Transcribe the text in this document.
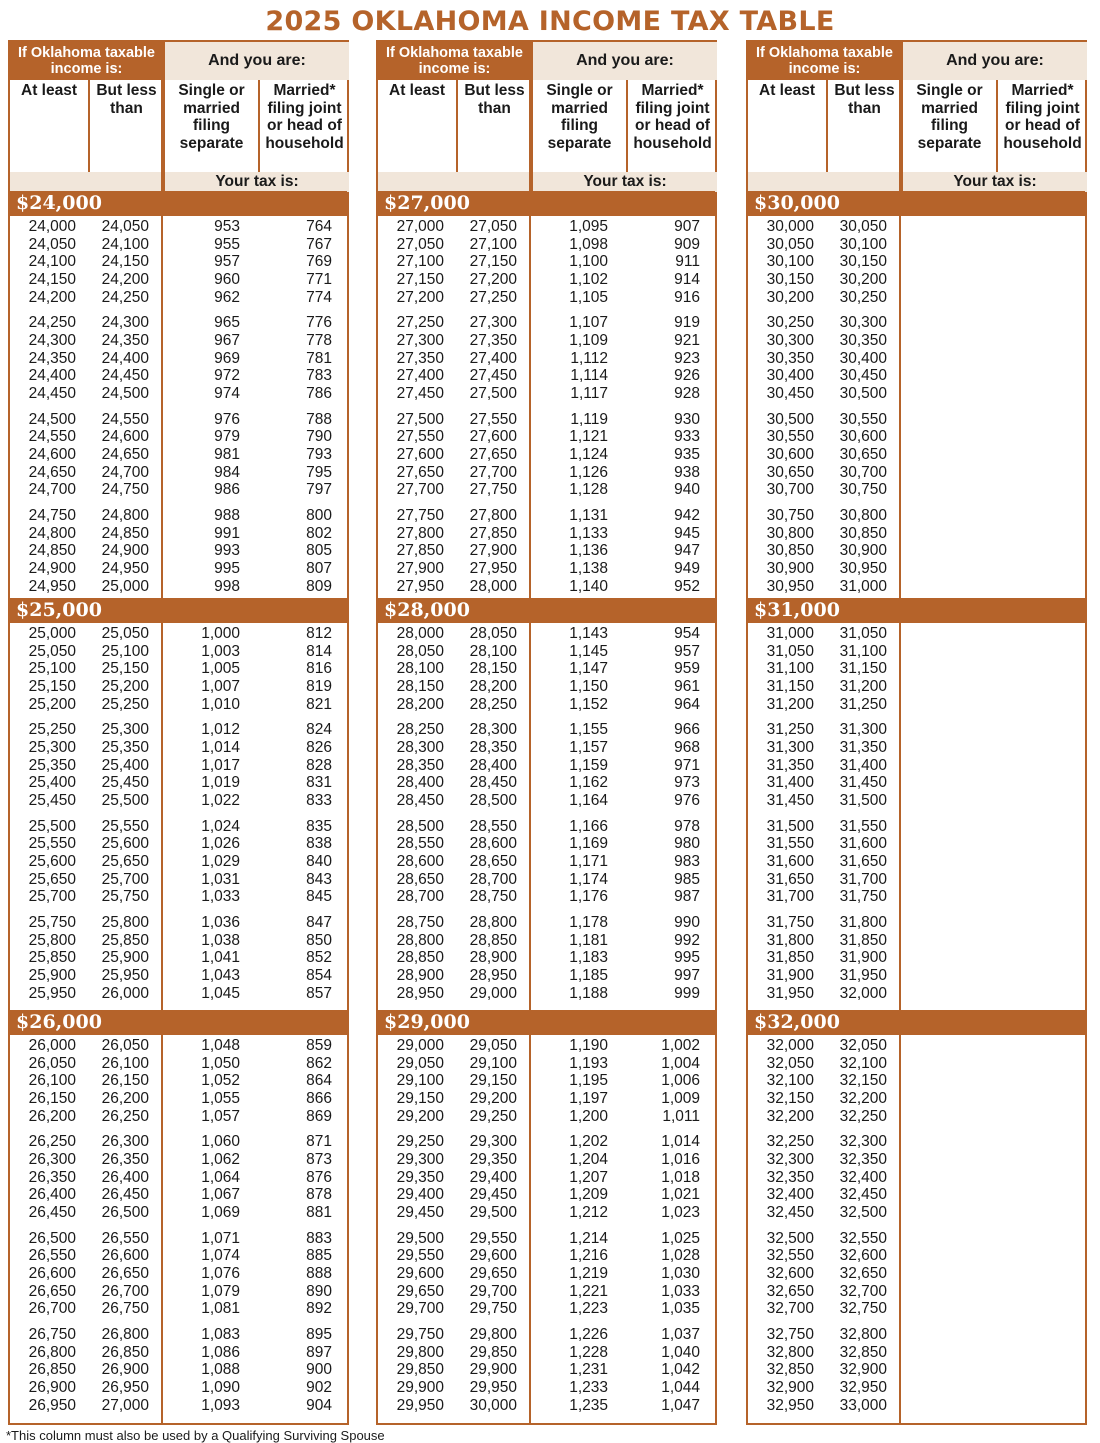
2025 OKLAHOMA INCOME TAX TABLE
If Oklahoma taxable income is:	And you are:
At least	But less than
Single or married filing separate
Married* filing joint or head of household
Your tax is:
$24,000
24,000	24,050	953	764
24,050	24,100	955	767
24,100	24,150	957	769
24,150	24,200	960	771
24,200	24,250	962	774
24,250	24,300	965	776
24,300	24,350	967	778
24,350	24,400	969	781
24,400	24,450	972	783
24,450	24,500	974	786
24,500	24,550	976	788
24,550	24,600	979	790
24,600	24,650	981	793
24,650	24,700	984	795
24,700	24,750	986	797
24,750	24,800	988	800
24,800	24,850	991	802
24,850	24,900	993	805
24,900	24,950	995	807
24,950	25,000	998	809
$25,000
25,000	25,050	1,000	812
25,050	25,100	1,003	814
25,100	25,150	1,005	816
25,150	25,200	1,007	819
25,200	25,250	1,010	821
25,250	25,300	1,012	824
25,300	25,350	1,014	826
25,350	25,400	1,017	828
25,400	25,450	1,019	831
25,450	25,500	1,022	833
25,500	25,550	1,024	835
25,550	25,600	1,026	838
25,600	25,650	1,029	840
25,650	25,700	1,031	843
25,700	25,750	1,033	845
25,750	25,800	1,036	847
25,800	25,850	1,038	850
25,850	25,900	1,041	852
25,900	25,950	1,043	854
25,950	26,000	1,045	857
$26,000
26,000	26,050	1,048	859
26,050	26,100	1,050	862
26,100	26,150	1,052	864
26,150	26,200	1,055	866
26,200	26,250	1,057	869
26,250	26,300	1,060	871
26,300	26,350	1,062	873
26,350	26,400	1,064	876
26,400	26,450	1,067	878
26,450	26,500	1,069	881
26,500	26,550	1,071	883
26,550	26,600	1,074	885
26,600	26,650	1,076	888
26,650	26,700	1,079	890
26,700	26,750	1,081	892
26,750	26,800	1,083	895
26,800	26,850	1,086	897
26,850	26,900	1,088	900
26,900	26,950	1,090	902
26,950	27,000	1,093	904
If Oklahoma taxable income is:	And you are:
At least	But less than
Single or married filing separate
Married* filing joint or head of household
Your tax is:
$27,000
27,000	27,050	1,095	907
27,050	27,100	1,098	909
27,100	27,150	1,100	911
27,150	27,200	1,102	914
27,200	27,250	1,105	916
27,250	27,300	1,107	919
27,300	27,350	1,109	921
27,350	27,400	1,112	923
27,400	27,450	1,114	926
27,450	27,500	1,117	928
27,500	27,550	1,119	930
27,550	27,600	1,121	933
27,600	27,650	1,124	935
27,650	27,700	1,126	938
27,700	27,750	1,128	940
27,750	27,800	1,131	942
27,800	27,850	1,133	945
27,850	27,900	1,136	947
27,900	27,950	1,138	949
27,950	28,000	1,140	952
$28,000
28,000	28,050	1,143	954
28,050	28,100	1,145	957
28,100	28,150	1,147	959
28,150	28,200	1,150	961
28,200	28,250	1,152	964
28,250	28,300	1,155	966
28,300	28,350	1,157	968
28,350	28,400	1,159	971
28,400	28,450	1,162	973
28,450	28,500	1,164	976
28,500	28,550	1,166	978
28,550	28,600	1,169	980
28,600	28,650	1,171	983
28,650	28,700	1,174	985
28,700	28,750	1,176	987
28,750	28,800	1,178	990
28,800	28,850	1,181	992
28,850	28,900	1,183	995
28,900	28,950	1,185	997
28,950	29,000	1,188	999
$29,000
29,000	29,050	1,190	1,002
29,050	29,100	1,193	1,004
29,100	29,150	1,195	1,006
29,150	29,200	1,197	1,009
29,200	29,250	1,200	1,011
29,250	29,300	1,202	1,014
29,300	29,350	1,204	1,016
29,350	29,400	1,207	1,018
29,400	29,450	1,209	1,021
29,450	29,500	1,212	1,023
29,500	29,550	1,214	1,025
29,550	29,600	1,216	1,028
29,600	29,650	1,219	1,030
29,650	29,700	1,221	1,033
29,700	29,750	1,223	1,035
29,750	29,800	1,226	1,037
29,800	29,850	1,228	1,040
29,850	29,900	1,231	1,042
29,900	29,950	1,233	1,044
29,950	30,000	1,235	1,047
If Oklahoma taxable income is:	And you are:
At least	But less than
Single or married filing separate
Married* filing joint or head of household
Your tax is:
$30,000
30,000	30,050
30,050	30,100
30,100	30,150
30,150	30,200
30,200	30,250
30,250	30,300
30,300	30,350
30,350	30,400
30,400	30,450
30,450	30,500
30,500	30,550
30,550	30,600
30,600	30,650
30,650	30,700
30,700	30,750
30,750	30,800
30,800	30,850
30,850	30,900
30,900	30,950
30,950	31,000
$31,000
31,000	31,050
31,050	31,100
31,100	31,150
31,150	31,200
31,200	31,250
31,250	31,300
31,300	31,350
31,350	31,400
31,400	31,450
31,450	31,500
31,500	31,550
31,550	31,600
31,600	31,650
31,650	31,700
31,700	31,750
31,750	31,800
31,800	31,850
31,850	31,900
31,900	31,950
31,950	32,000
$32,000
32,000	32,050
32,050	32,100
32,100	32,150
32,150	32,200
32,200	32,250
32,250	32,300
32,300	32,350
32,350	32,400
32,400	32,450
32,450	32,500
32,500	32,550
32,550	32,600
32,600	32,650
32,650	32,700
32,700	32,750
32,750	32,800
32,800	32,850
32,850	32,900
32,900	32,950
32,950	33,000
*This column must also be used by a Qualifying Surviving Spouse
